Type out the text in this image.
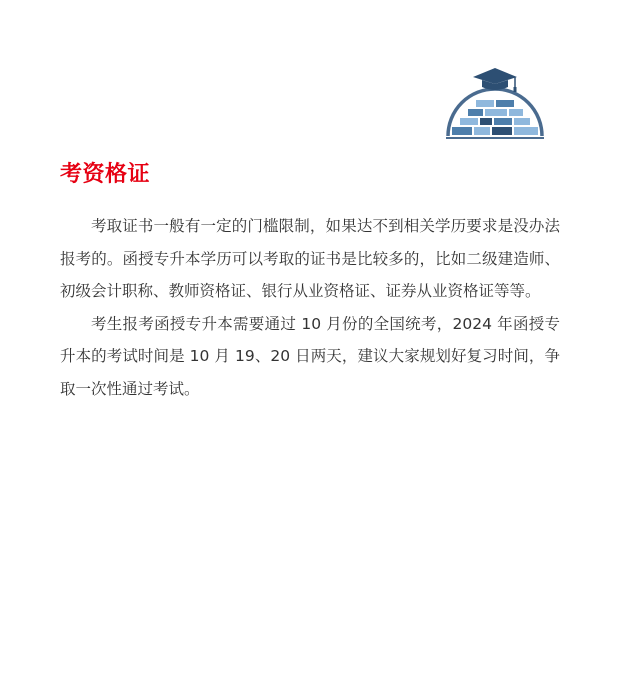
考资格证

考取证书一般有一定的门槛限制，如果达不到相关学历要求是没办法报考的。函授专升本学历可以考取的证书是比较多的，比如二级建造师、初级会计职称、教师资格证、银行从业资格证、证券从业资格证等等。

考生报考函授专升本需要通过 10 月份的全国统考，2024 年函授专升本的考试时间是 10 月 19、20 日两天，建议大家规划好复习时间，争取一次性通过考试。
